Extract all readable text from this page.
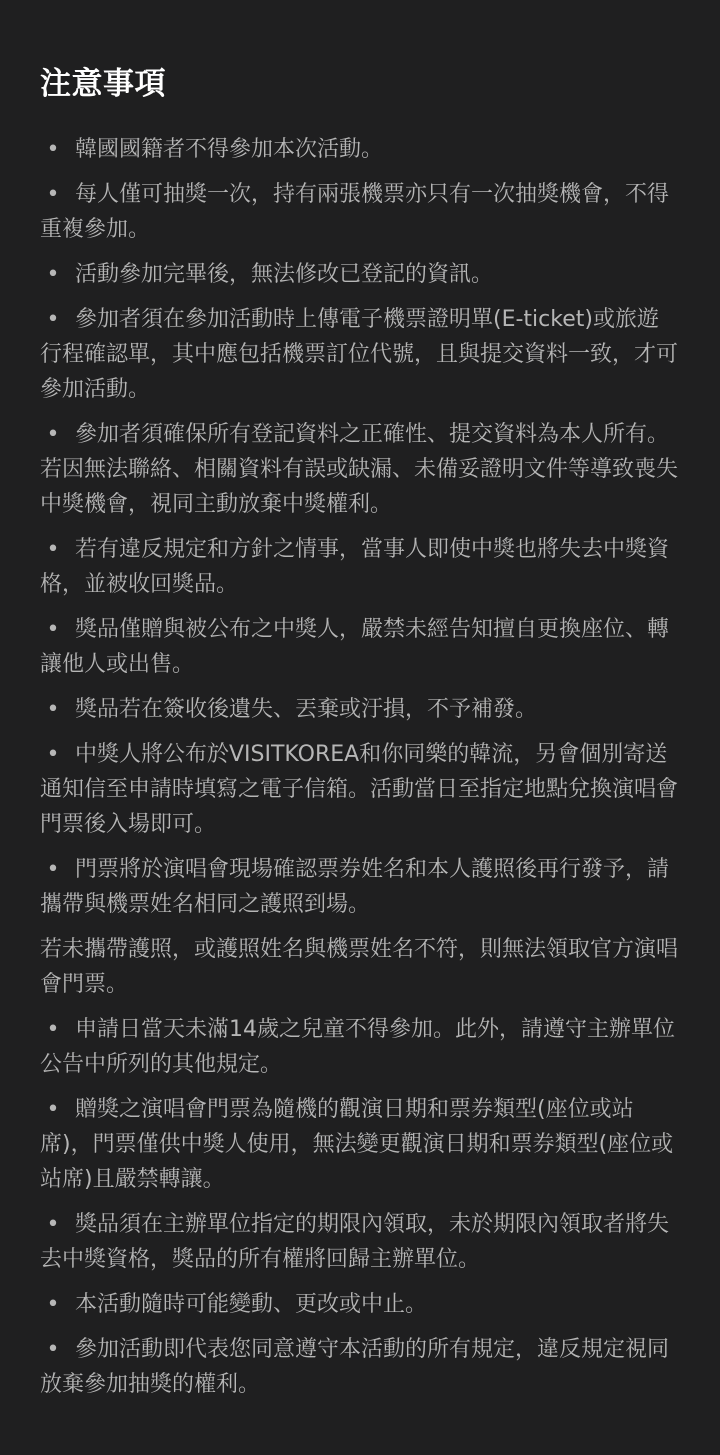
注意事項
• 韓國國籍者不得參加本次活動。
• 每人僅可抽獎一次，持有兩張機票亦只有一次抽獎機會，不得重複參加。
• 活動參加完畢後，無法修改已登記的資訊。
• 參加者須在參加活動時上傳電子機票證明單(E-ticket)或旅遊行程確認單，其中應包括機票訂位代號，且與提交資料一致，才可參加活動。
• 參加者須確保所有登記資料之正確性、提交資料為本人所有。若因無法聯絡、相關資料有誤或缺漏、未備妥證明文件等導致喪失中獎機會，視同主動放棄中獎權利。
• 若有違反規定和方針之情事，當事人即使中獎也將失去中獎資格，並被收回獎品。
• 獎品僅贈與被公布之中獎人，嚴禁未經告知擅自更換座位、轉讓他人或出售。
• 獎品若在簽收後遺失、丟棄或汙損，不予補發。
• 中獎人將公布於VISITKOREA和你同樂的韓流，另會個別寄送通知信至申請時填寫之電子信箱。活動當日至指定地點兌換演唱會門票後入場即可。
• 門票將於演唱會現場確認票券姓名和本人護照後再行發予，請攜帶與機票姓名相同之護照到場。
若未攜帶護照，或護照姓名與機票姓名不符，則無法領取官方演唱會門票。
• 申請日當天未滿14歲之兒童不得參加。此外，請遵守主辦單位公告中所列的其他規定。
• 贈獎之演唱會門票為隨機的觀演日期和票券類型(座位或站席)，門票僅供中獎人使用，無法變更觀演日期和票券類型(座位或站席)且嚴禁轉讓。
• 獎品須在主辦單位指定的期限內領取，未於期限內領取者將失去中獎資格，獎品的所有權將回歸主辦單位。
• 本活動隨時可能變動、更改或中止。
• 參加活動即代表您同意遵守本活動的所有規定，違反規定視同放棄參加抽獎的權利。
